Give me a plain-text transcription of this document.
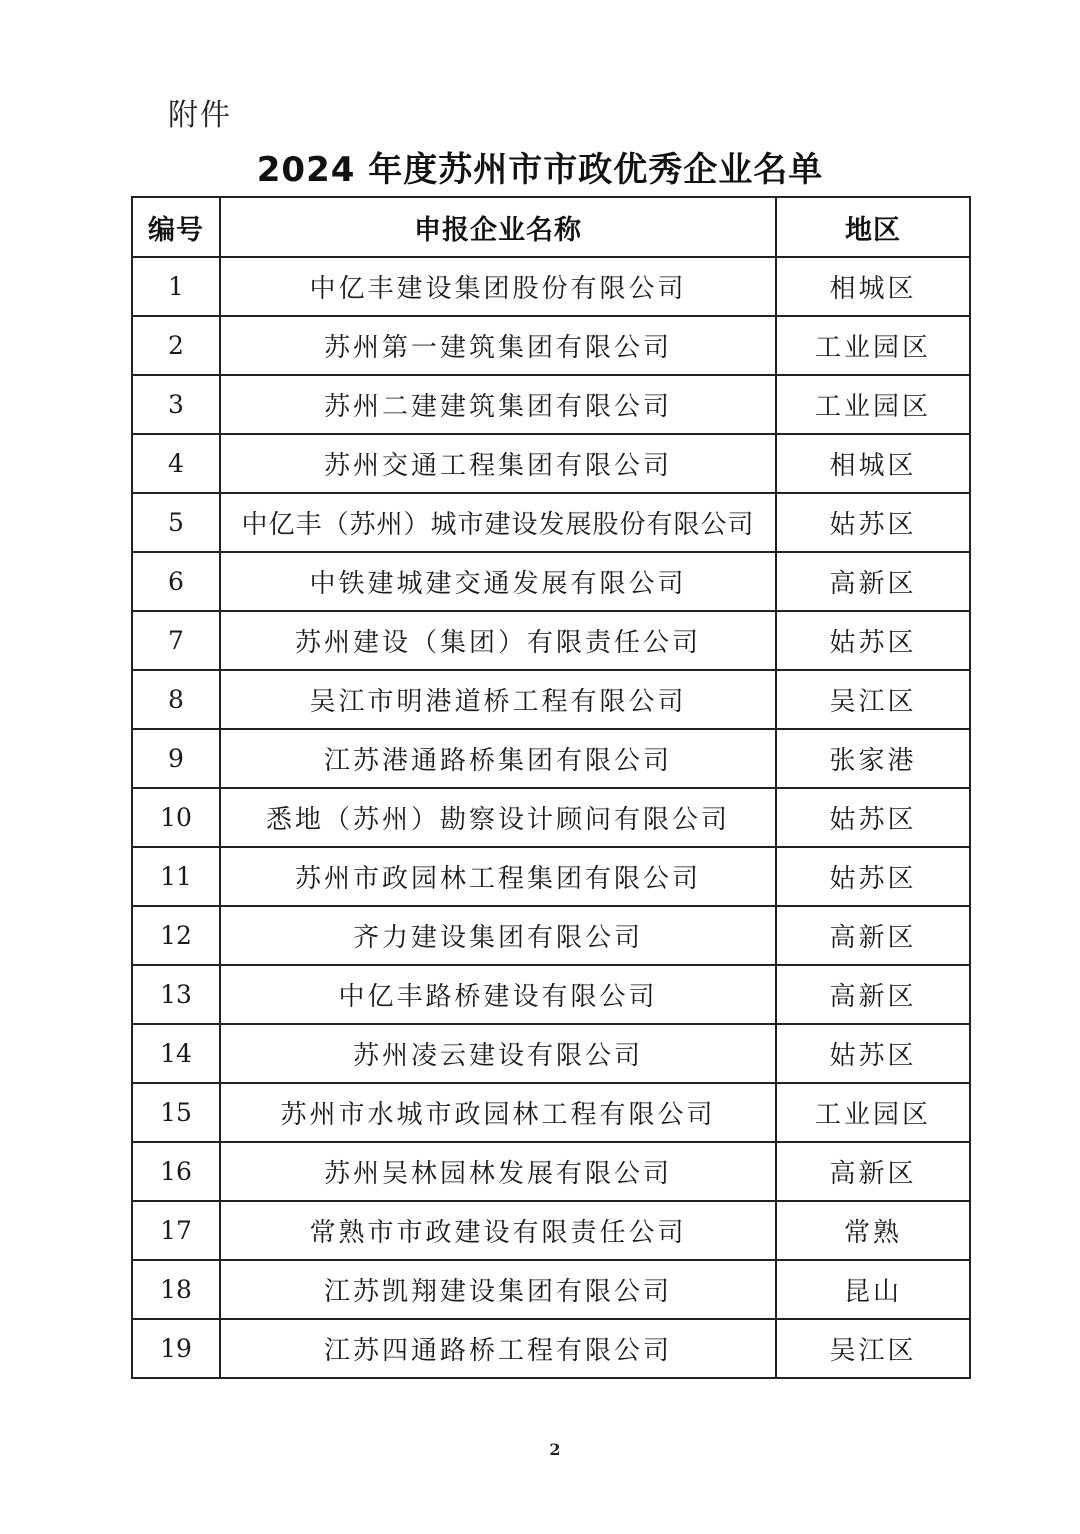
附件
2024 年度苏州市市政优秀企业名单
编号	申报企业名称	地区
1	中亿丰建设集团股份有限公司	相城区
2	苏州第一建筑集团有限公司	工业园区
3	苏州二建建筑集团有限公司	工业园区
4	苏州交通工程集团有限公司	相城区
5	中亿丰（苏州）城市建设发展股份有限公司	姑苏区
6	中铁建城建交通发展有限公司	高新区
7	苏州建设（集团）有限责任公司	姑苏区
8	吴江市明港道桥工程有限公司	吴江区
9	江苏港通路桥集团有限公司	张家港
10	悉地（苏州）勘察设计顾问有限公司	姑苏区
11	苏州市政园林工程集团有限公司	姑苏区
12	齐力建设集团有限公司	高新区
13	中亿丰路桥建设有限公司	高新区
14	苏州凌云建设有限公司	姑苏区
15	苏州市水城市政园林工程有限公司	工业园区
16	苏州吴林园林发展有限公司	高新区
17	常熟市市政建设有限责任公司	常熟
18	江苏凯翔建设集团有限公司	昆山
19	江苏四通路桥工程有限公司	吴江区
2
